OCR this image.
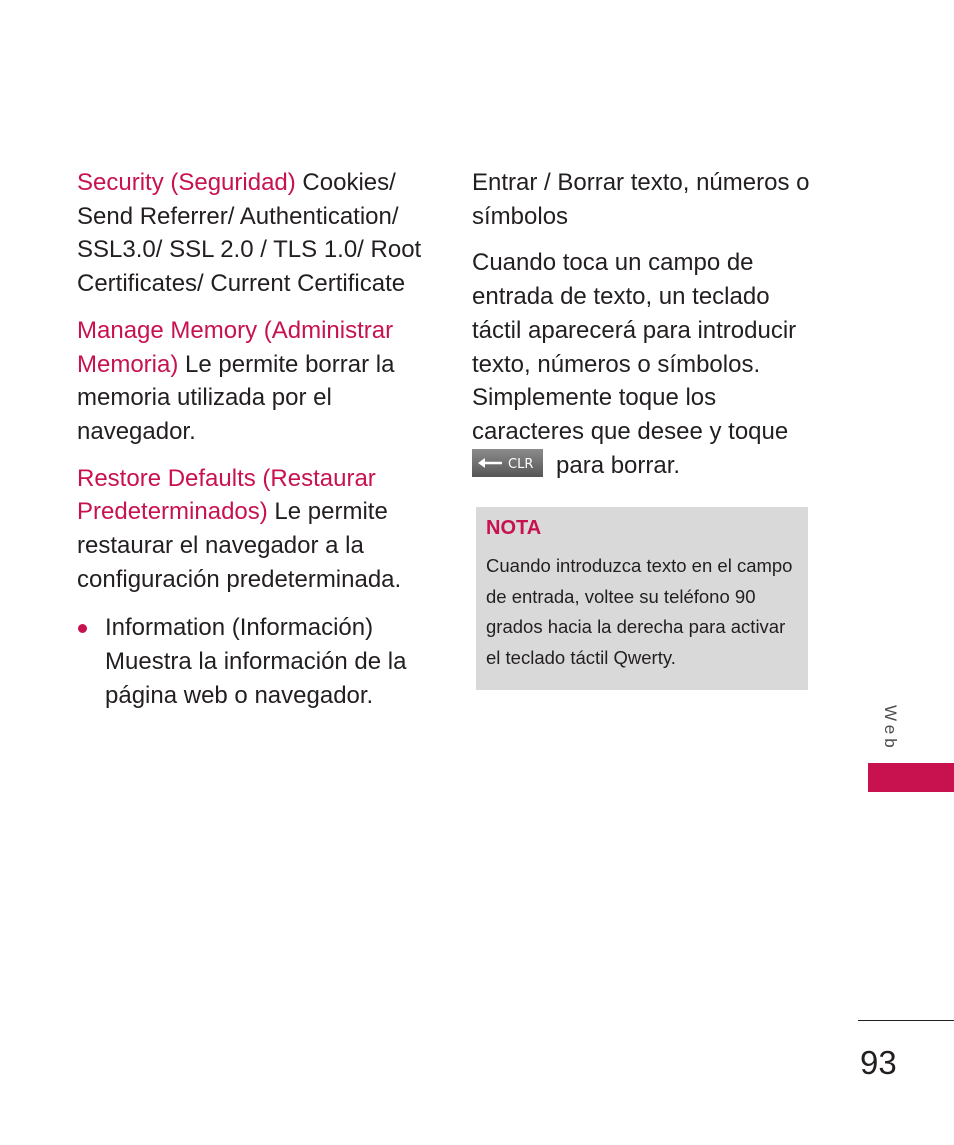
Security (Seguridad) Cookies/ Send Referrer/ Authentication/ SSL3.0/ SSL 2.0 / TLS 1.0/ Root Certificates/ Current Certificate

Manage Memory (Administrar Memoria) Le permite borrar la memoria utilizada por el navegador.

Restore Defaults (Restaurar Predeterminados) Le permite restaurar el navegador a la configuración predeterminada.

Information (Información)
Muestra la información de la página web o navegador.

Entrar / Borrar texto, números o símbolos

Cuando toca un campo de entrada de texto, un teclado táctil aparecerá para introducir texto, números o símbolos. Simplemente toque los caracteres que desee y toque

CLR para borrar.

NOTA
Cuando introduzca texto en el campo de entrada, voltee su teléfono 90 grados hacia la derecha para activar el teclado táctil Qwerty.
Web
93
